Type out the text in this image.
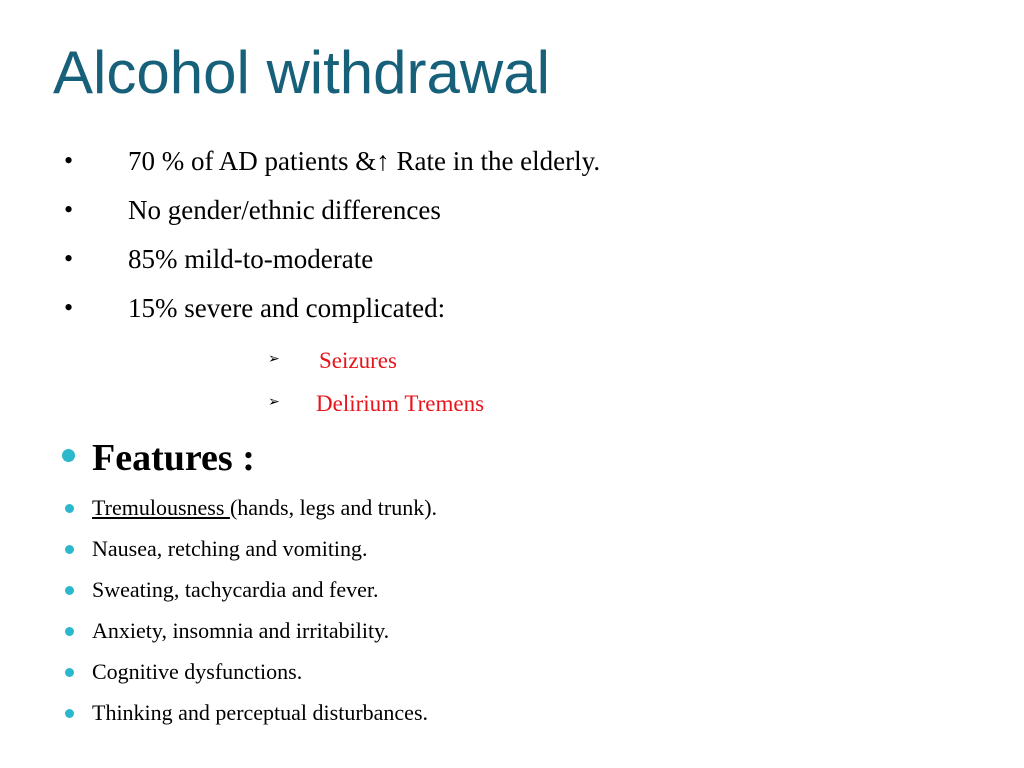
Alcohol withdrawal
• 70 % of AD patients &↑ Rate in the elderly.
• No gender/ethnic differences
• 85% mild-to-moderate
• 15% severe and complicated:
➢ Seizures
➢ Delirium Tremens
Features :
Tremulousness (hands, legs and trunk).
Nausea, retching and vomiting.
Sweating, tachycardia and fever.
Anxiety, insomnia and irritability.
Cognitive dysfunctions.
Thinking and perceptual disturbances.
